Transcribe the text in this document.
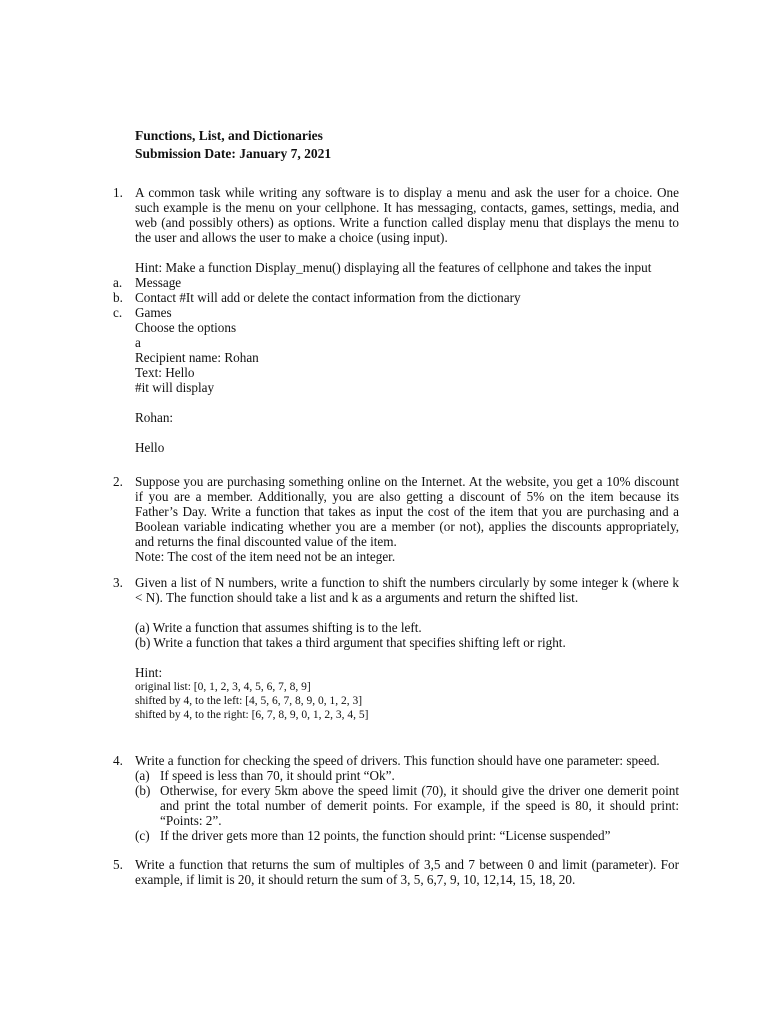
Functions, List, and Dictionaries
Submission Date: January 7, 2021
1. A common task while writing any software is to display a menu and ask the user for a choice. One such example is the menu on your cellphone. It has messaging, contacts, games, settings, media, and web (and possibly others) as options. Write a function called display menu that displays the menu to the user and allows the user to make a choice (using input).

Hint: Make a function Display_menu() displaying all the features of cellphone and takes the input

a. Message
b. Contact #It will add or delete the contact information from the dictionary
c. Games

Choose the options

a

Recipient name: Rohan

Text: Hello

#it will display

Rohan:

Hello

2. Suppose you are purchasing something online on the Internet. At the website, you get a 10% discount if you are a member. Additionally, you are also getting a discount of 5% on the item because its Father’s Day. Write a function that takes as input the cost of the item that you are purchasing and a Boolean variable indicating whether you are a member (or not), applies the discounts appropriately, and returns the final discounted value of the item.

Note: The cost of the item need not be an integer.

3. Given a list of N numbers, write a function to shift the numbers circularly by some integer k (where k < N). The function should take a list and k as a arguments and return the shifted list.

(a) Write a function that assumes shifting is to the left.

(b) Write a function that takes a third argument that specifies shifting left or right.

Hint:

original list: [0, 1, 2, 3, 4, 5, 6, 7, 8, 9]

shifted by 4, to the left: [4, 5, 6, 7, 8, 9, 0, 1, 2, 3]

shifted by 4, to the right: [6, 7, 8, 9, 0, 1, 2, 3, 4, 5]

4. Write a function for checking the speed of drivers. This function should have one parameter: speed.

(a) If speed is less than 70, it should print “Ok”.
(b) Otherwise, for every 5km above the speed limit (70), it should give the driver one demerit point and print the total number of demerit points. For example, if the speed is 80, it should print: “Points: 2”.
(c) If the driver gets more than 12 points, the function should print: “License suspended”
5. Write a function that returns the sum of multiples of 3,5 and 7 between 0 and limit (parameter). For example, if limit is 20, it should return the sum of 3, 5, 6,7, 9, 10, 12,14, 15, 18, 20.
